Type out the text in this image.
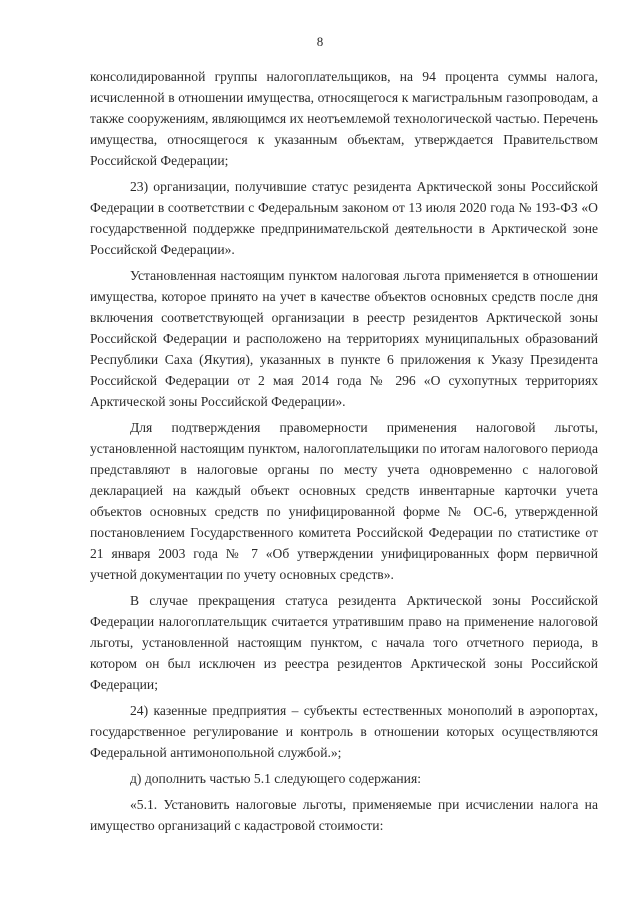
8

консолидированной группы налогоплательщиков, на 94 процента суммы налога, исчисленной в отношении имущества, относящегося к магистральным газопроводам, а также сооружениям, являющимся их неотъемлемой технологической частью. Перечень имущества, относящегося к указанным объектам, утверждается Правительством Российской Федерации;

23) организации, получившие статус резидента Арктической зоны Российской Федерации в соответствии с Федеральным законом от 13 июля 2020 года № 193-ФЗ «О государственной поддержке предпринимательской деятельности в Арктической зоне Российской Федерации».

Установленная настоящим пунктом налоговая льгота применяется в отношении имущества, которое принято на учет в качестве объектов основных средств после дня включения соответствующей организации в реестр резидентов Арктической зоны Российской Федерации и расположено на территориях муниципальных образований Республики Саха (Якутия), указанных в пункте 6 приложения к Указу Президента Российской Федерации от 2 мая 2014 года № 296 «О сухопутных территориях Арктической зоны Российской Федерации».

Для подтверждения правомерности применения налоговой льготы, установленной настоящим пунктом, налогоплательщики по итогам налогового периода представляют в налоговые органы по месту учета одновременно с налоговой декларацией на каждый объект основных средств инвентарные карточки учета объектов основных средств по унифицированной форме № ОС-6, утвержденной постановлением Государственного комитета Российской Федерации по статистике от 21 января 2003 года № 7 «Об утверждении унифицированных форм первичной учетной документации по учету основных средств».

В случае прекращения статуса резидента Арктической зоны Российской Федерации налогоплательщик считается утратившим право на применение налоговой льготы, установленной настоящим пунктом, с начала того отчетного периода, в котором он был исключен из реестра резидентов Арктической зоны Российской Федерации;

24) казенные предприятия – субъекты естественных монополий в аэропортах, государственное регулирование и контроль в отношении которых осуществляются Федеральной антимонопольной службой.»;

д) дополнить частью 5.1 следующего содержания:

«5.1. Установить налоговые льготы, применяемые при исчислении налога на имущество организаций с кадастровой стоимости:
